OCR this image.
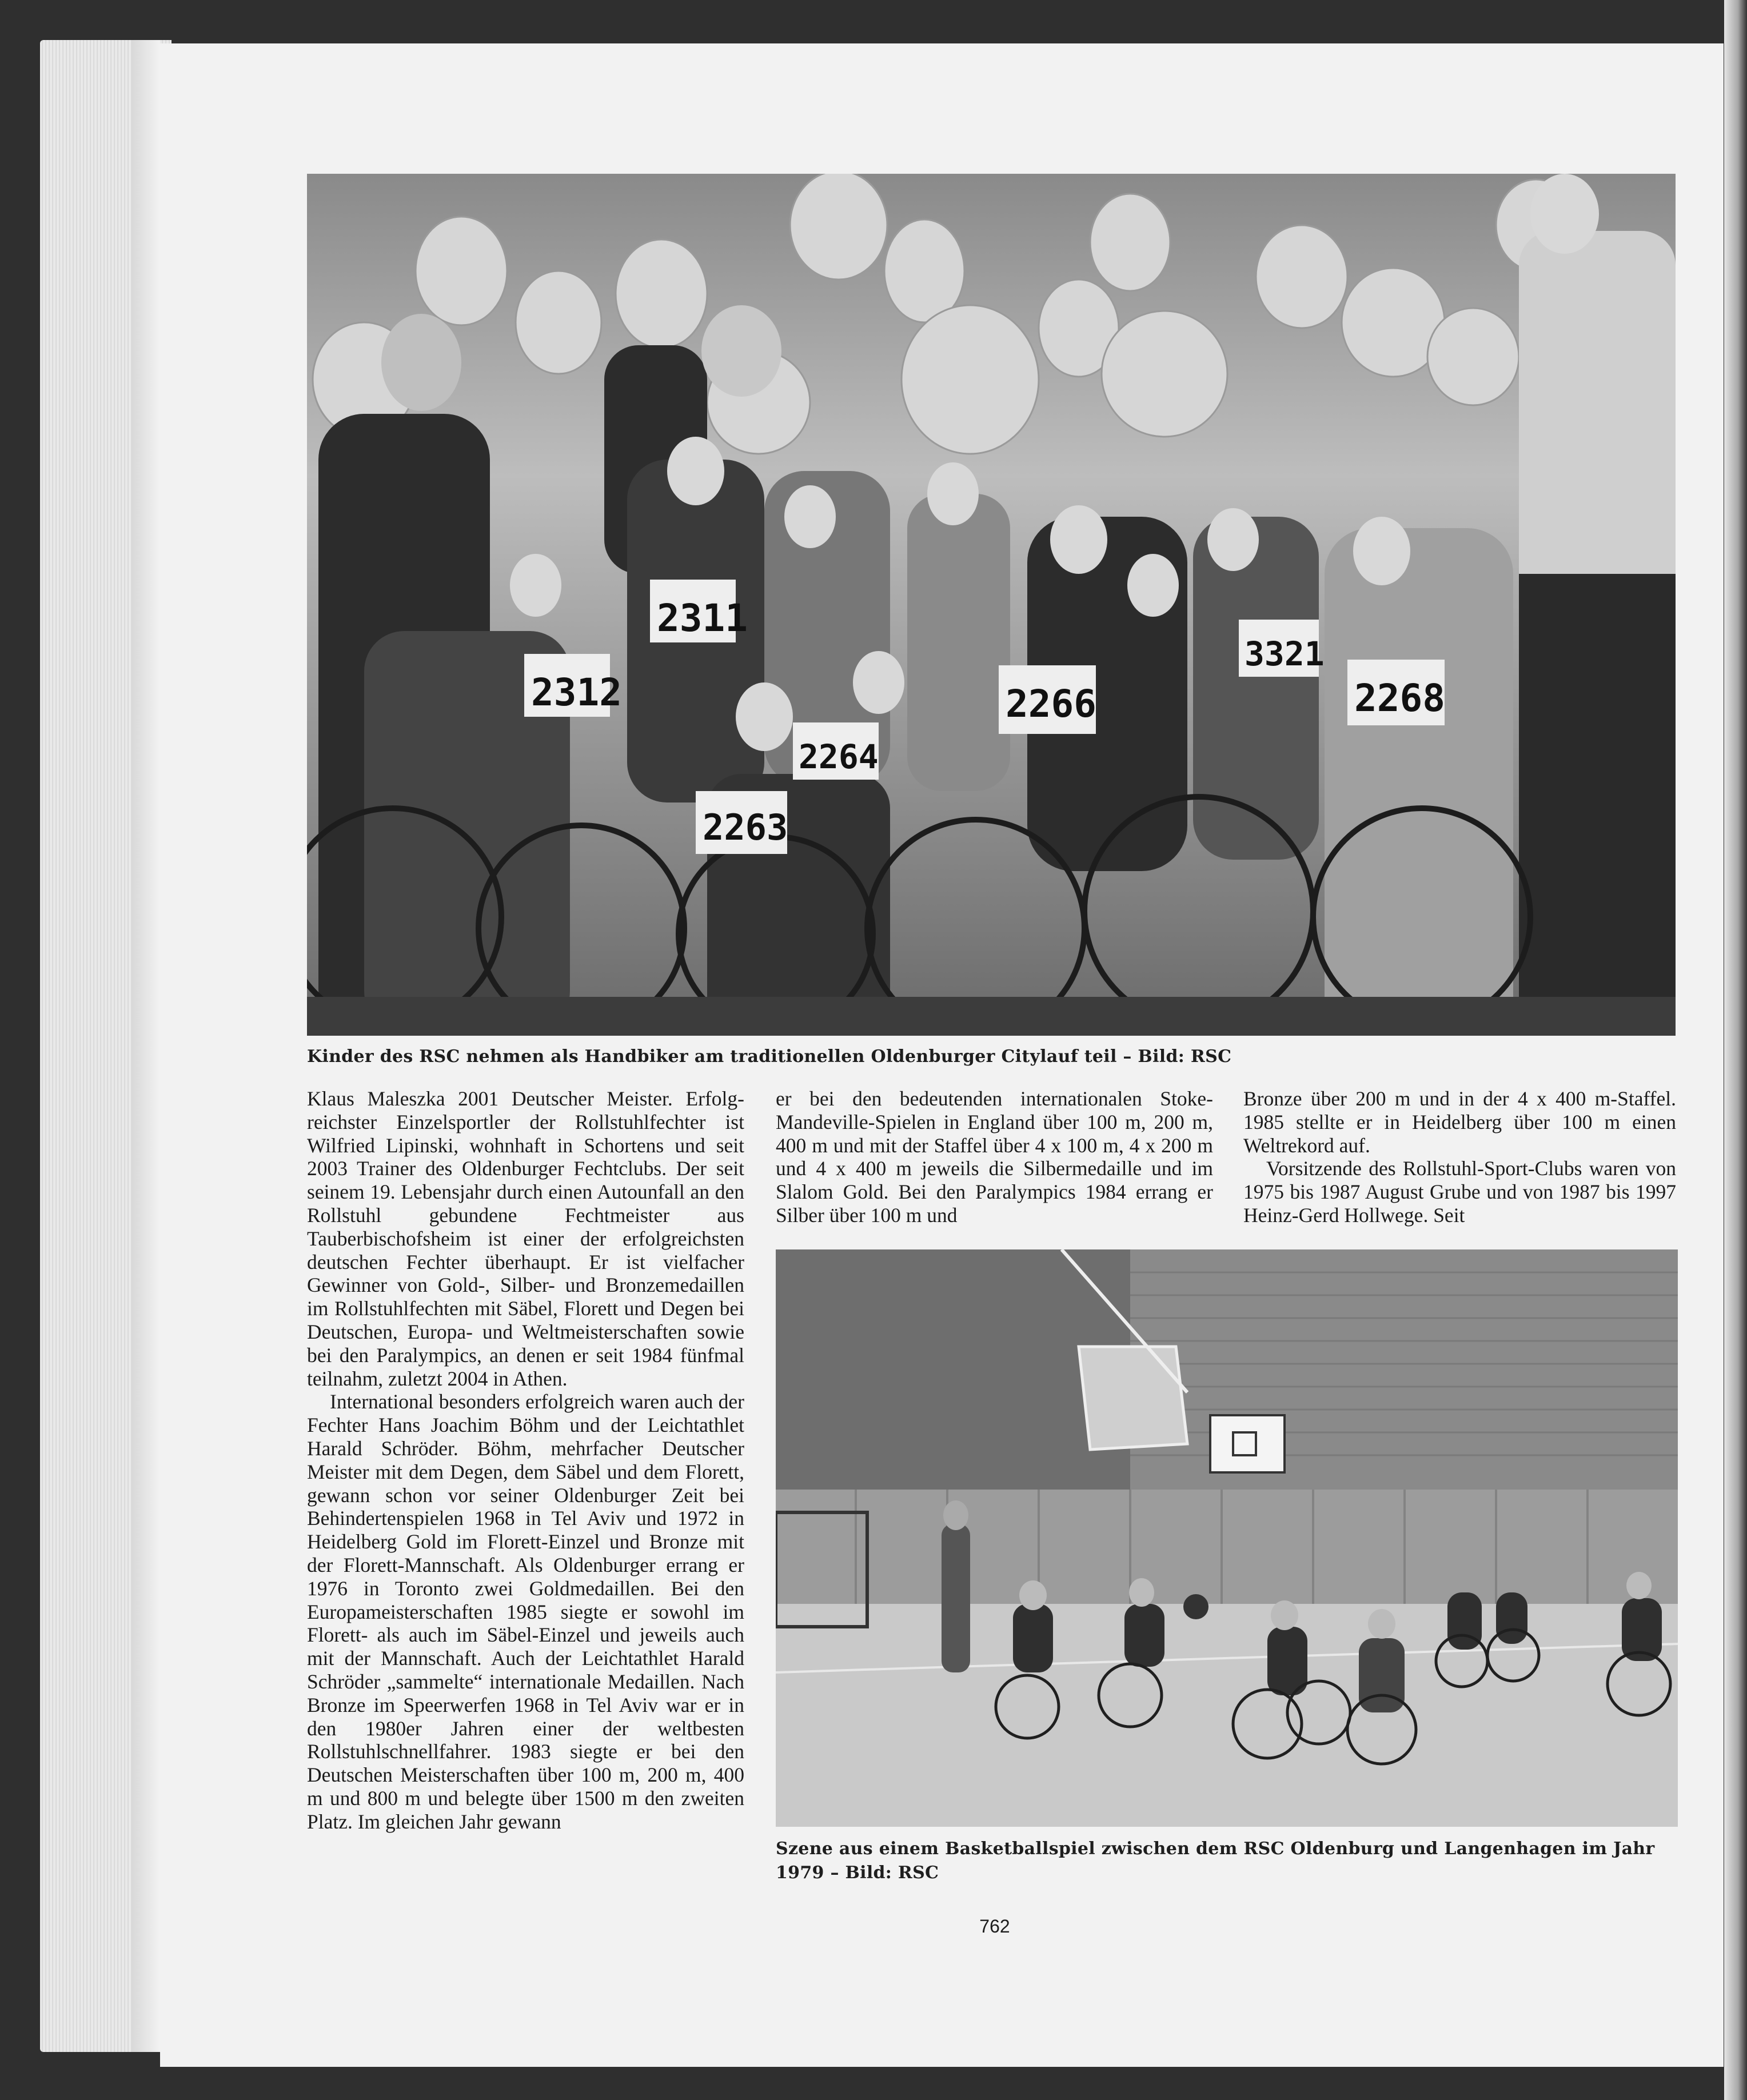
2311
2312	2266	2268
2263
2264
3321
Kinder des RSC nehmen als Handbiker am traditionellen Oldenburger Citylauf teil – Bild: RSC

Klaus Maleszka 2001 Deutscher Meister. Erfolgreichster Einzelsportler der Rollstuhlfechter ist Wilfried Lipinski, wohnhaft in Schortens und seit 2003 Trainer des Oldenburger Fechtclubs. Der seit seinem 19. Lebensjahr durch einen Autounfall an den Rollstuhl gebundene Fechtmeister aus Tauberbischofsheim ist einer der erfolgreichsten deutschen Fechter überhaupt. Er ist vielfacher Gewinner von Gold-, Silber- und Bronzemedaillen im Rollstuhlfechten mit Säbel, Florett und Degen bei Deutschen, Europa- und Weltmeisterschaften sowie bei den Paralympics, an denen er seit 1984 fünfmal teilnahm, zuletzt 2004 in Athen.

International besonders erfolgreich waren auch der Fechter Hans Joachim Böhm und der Leichtathlet Harald Schröder. Böhm, mehrfacher Deutscher Meister mit dem Degen, dem Säbel und dem Florett, gewann schon vor seiner Oldenburger Zeit bei Behindertenspielen 1968 in Tel Aviv und 1972 in Heidelberg Gold im Florett-Einzel und Bronze mit der Florett-Mannschaft. Als Oldenburger errang er 1976 in Toronto zwei Goldmedaillen. Bei den Europameisterschaften 1985 siegte er sowohl im Florett- als auch im Säbel-Einzel und jeweils auch mit der Mannschaft. Auch der Leichtathlet Harald Schröder „sammelte“ internationale Medaillen. Nach Bronze im Speerwerfen 1968 in Tel Aviv war er in den 1980er Jahren einer der weltbesten Rollstuhlschnellfahrer. 1983 siegte er bei den Deutschen Meisterschaften über 100 m, 200 m, 400 m und 800 m und belegte über 1500 m den zweiten Platz. Im gleichen Jahr gewann

er bei den bedeutenden internationalen Stoke-Mandeville-Spielen in England über 100 m, 200 m, 400 m und mit der Staffel über 4 x 100 m, 4 x 200 m und 4 x 400 m jeweils die Silbermedaille und im Slalom Gold. Bei den Paralympics 1984 errang er Silber über 100 m und

Bronze über 200 m und in der 4 x 400 m-Staffel. 1985 stellte er in Heidelberg über 100 m einen Weltrekord auf.

Vorsitzende des Rollstuhl-Sport-Clubs waren von 1975 bis 1987 August Grube und von 1987 bis 1997 Heinz-Gerd Hollwege. Seit

Szene aus einem Basketballspiel zwischen dem RSC Oldenburg und Langenhagen im Jahr 1979 – Bild: RSC
762
